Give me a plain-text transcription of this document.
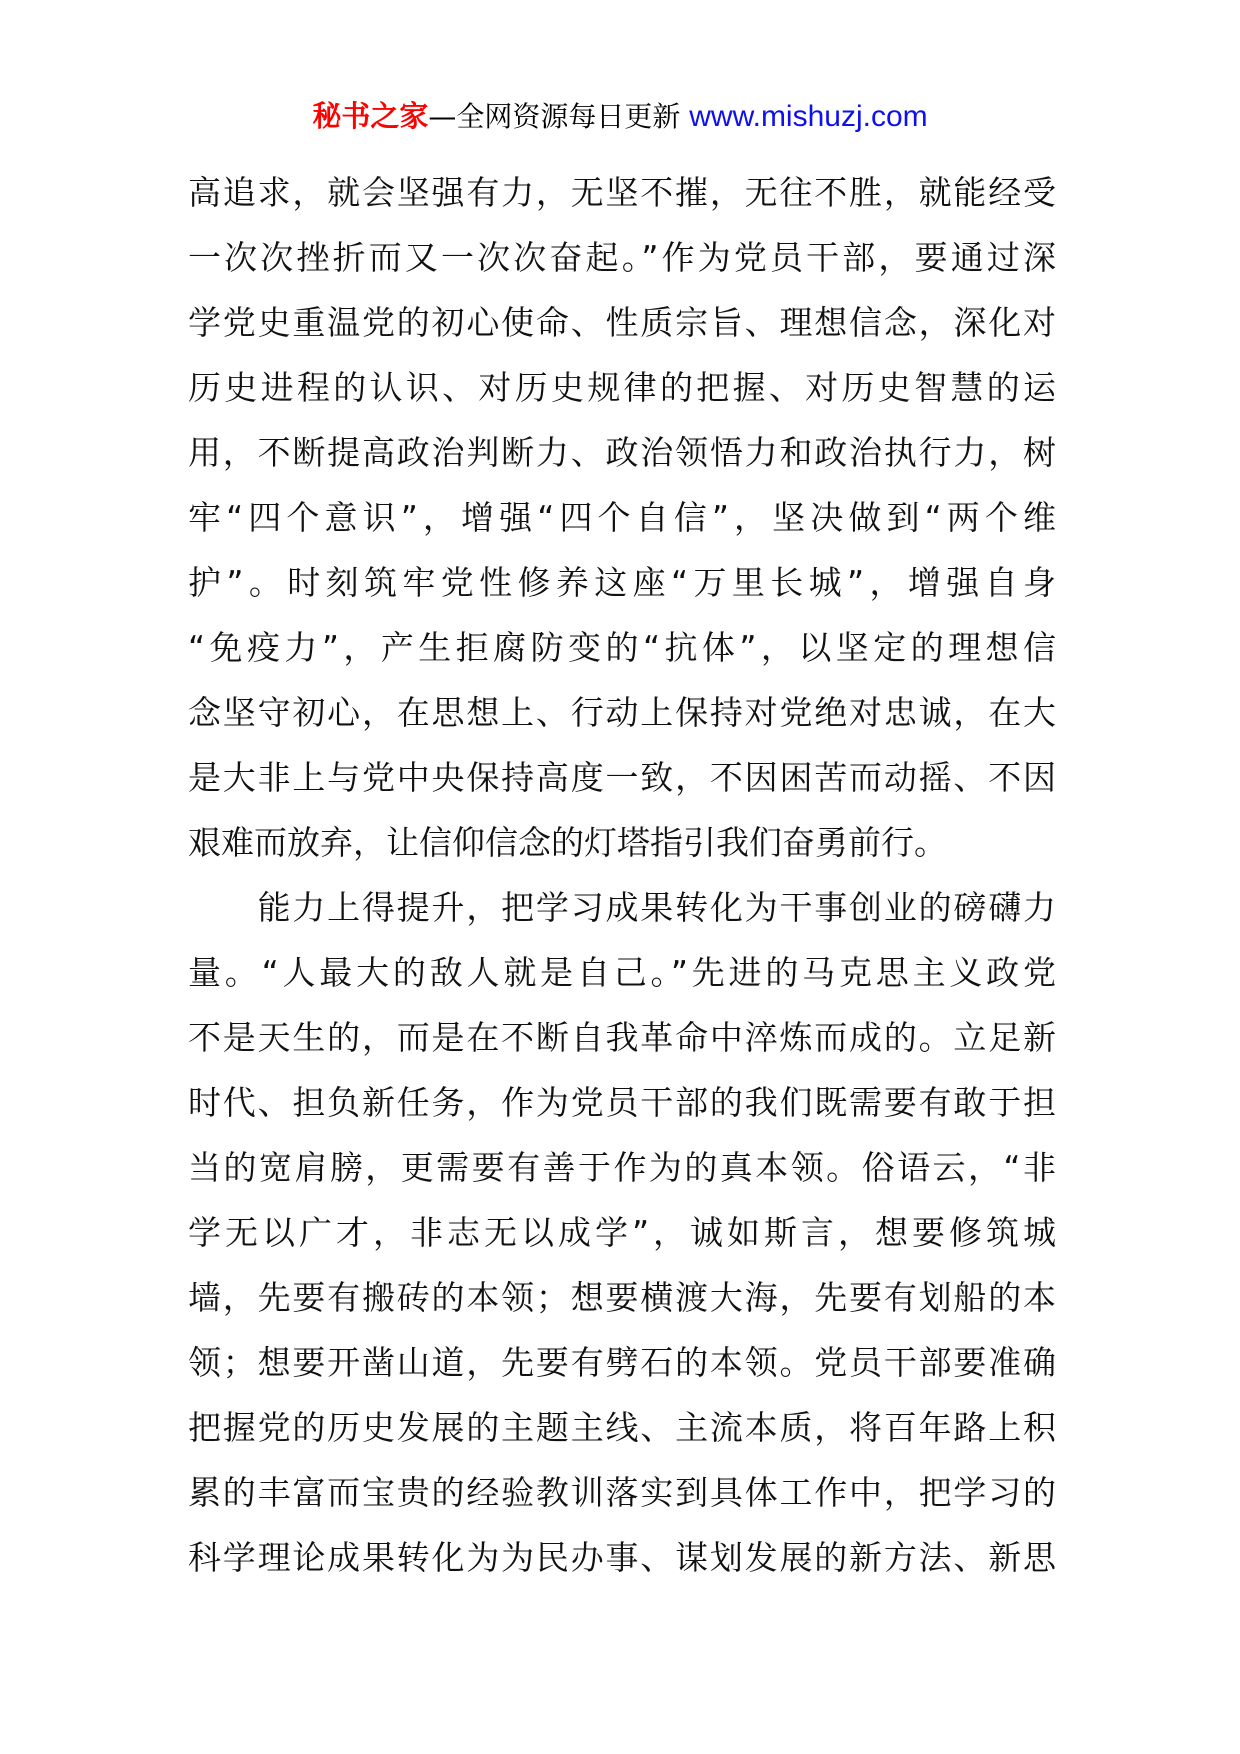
秘书之家—全网资源每日更新 www.mishuzj.com
高追求，就会坚强有力，无坚不摧，无往不胜，就能经受
一次次挫折而又一次次奋起。”作为党员干部，要通过深
学党史重温党的初心使命、性质宗旨、理想信念，深化对
历史进程的认识、对历史规律的把握、对历史智慧的运
用，不断提高政治判断力、政治领悟力和政治执行力，树
牢“四个意识”，增强“四个自信”，坚决做到“两个维
护”。时刻筑牢党性修养这座“万里长城”，增强自身
“免疫力”，产生拒腐防变的“抗体”，以坚定的理想信
念坚守初心，在思想上、行动上保持对党绝对忠诚，在大
是大非上与党中央保持高度一致，不因困苦而动摇、不因
艰难而放弃，让信仰信念的灯塔指引我们奋勇前行。
　　能力上得提升，把学习成果转化为干事创业的磅礴力
量。“人最大的敌人就是自己。”先进的马克思主义政党
不是天生的，而是在不断自我革命中淬炼而成的。立足新
时代、担负新任务，作为党员干部的我们既需要有敢于担
当的宽肩膀，更需要有善于作为的真本领。俗语云，“非
学无以广才，非志无以成学”，诚如斯言，想要修筑城
墙，先要有搬砖的本领；想要横渡大海，先要有划船的本
领；想要开凿山道，先要有劈石的本领。党员干部要准确
把握党的历史发展的主题主线、主流本质，将百年路上积
累的丰富而宝贵的经验教训落实到具体工作中，把学习的
科学理论成果转化为为民办事、谋划发展的新方法、新思
